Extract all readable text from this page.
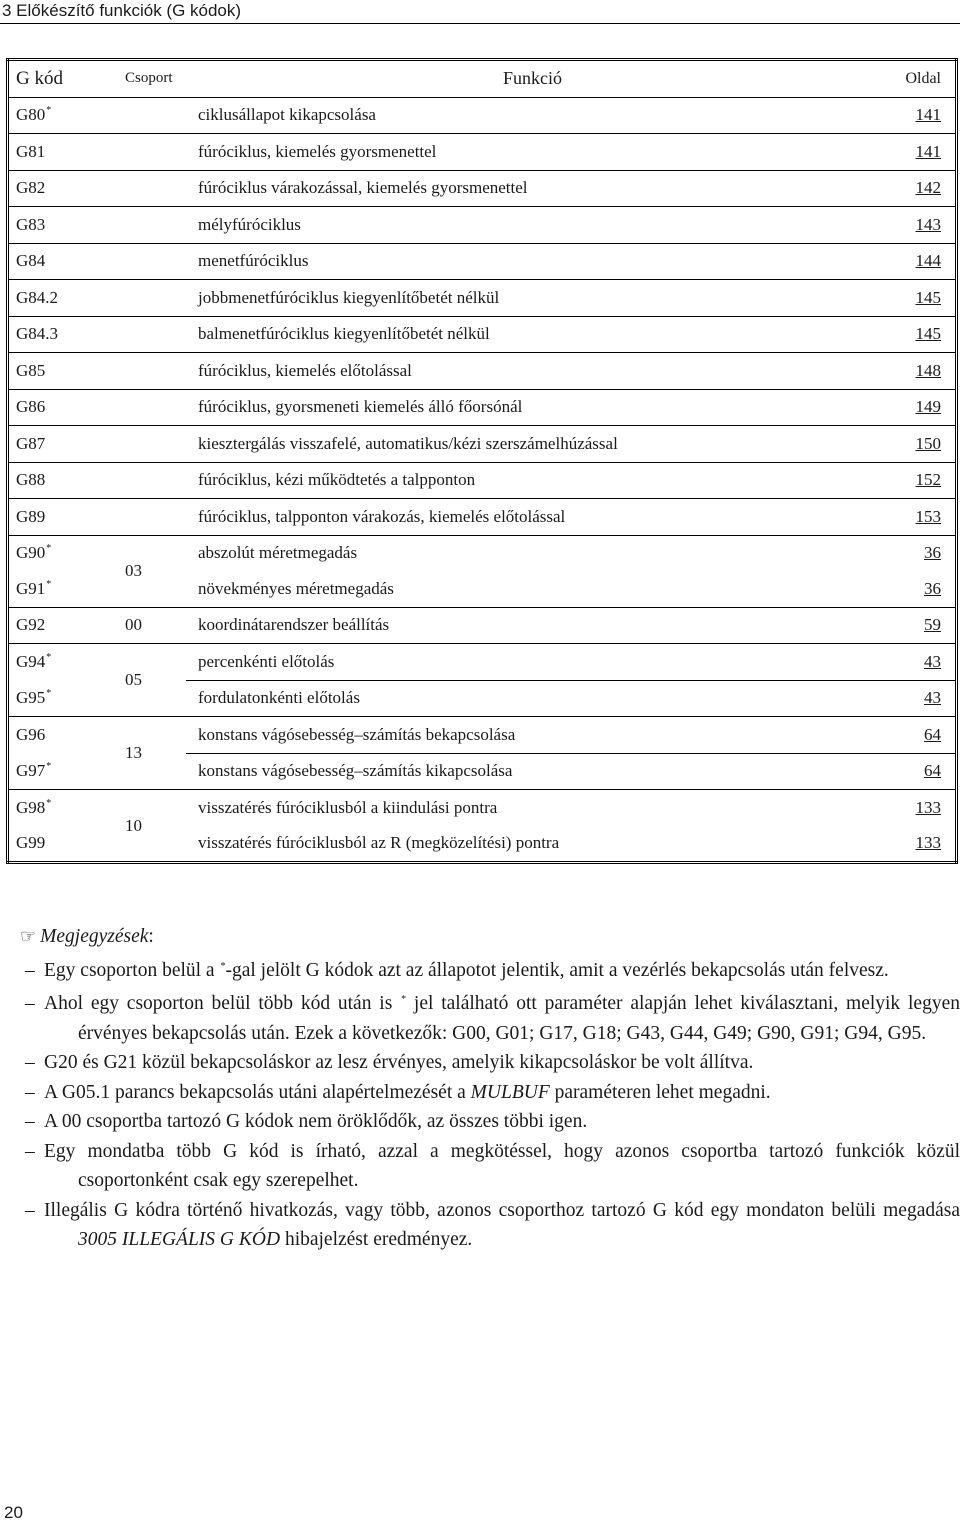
3 Előkészítő funkciók (G kódok)
G kód	Csoport	Funkció	Oldal
G80*		ciklusállapot kikapcsolása	141
G81		fúróciklus, kiemelés gyorsmenettel	141
G82		fúróciklus várakozással, kiemelés gyorsmenettel	142
G83		mélyfúróciklus	143
G84		menetfúróciklus	144
G84.2		jobbmenetfúróciklus kiegyenlítőbetét nélkül	145
G84.3		balmenetfúróciklus kiegyenlítőbetét nélkül	145
G85		fúróciklus, kiemelés előtolással	148
G86		fúróciklus, gyorsmeneti kiemelés álló főorsónál	149
G87		kiesztergálás visszafelé, automatikus/kézi szerszámelhúzással	150
G88		fúróciklus, kézi működtetés a talpponton	152
G89		fúróciklus, talpponton várakozás, kiemelés előtolással	153
G90*	03	abszolút méretmegadás	36
G91*		növekményes méretmegadás	36
G92	00	koordinátarendszer beállítás	59
G94*	05	percenkénti előtolás	43
G95*		fordulatonkénti előtolás	43
G96	13	konstans vágósebesség–számítás bekapcsolása	64
G97*		konstans vágósebesség–számítás kikapcsolása	64
G98*	10	visszatérés fúróciklusból a kiindulási pontra	133
G99		visszatérés fúróciklusból az R (megközelítési) pontra	133
☞ Megjegyzések:

– Egy csoporton belül a *-gal jelölt G kódok azt az állapotot jelentik, amit a vezérlés bekapcsolás után felvesz.

– Ahol egy csoporton belül több kód után is * jel található ott paraméter alapján lehet kiválasztani, melyik legyen érvényes bekapcsolás után. Ezek a következők: G00, G01; G17, G18; G43, G44, G49; G90, G91; G94, G95.

– G20 és G21 közül bekapcsoláskor az lesz érvényes, amelyik kikapcsoláskor be volt állítva.

– A G05.1 parancs bekapcsolás utáni alapértelmezését a MULBUF paraméteren lehet megadni.

– A 00 csoportba tartozó G kódok nem öröklődők, az összes többi igen.

– Egy mondatba több G kód is írható, azzal a megkötéssel, hogy azonos csoportba tartozó funkciók közül csoportonként csak egy szerepelhet.

– Illegális G kódra történő hivatkozás, vagy több, azonos csoporthoz tartozó G kód egy mondaton belüli megadása 3005 ILLEGÁLIS G KÓD hibajelzést eredményez.

20
